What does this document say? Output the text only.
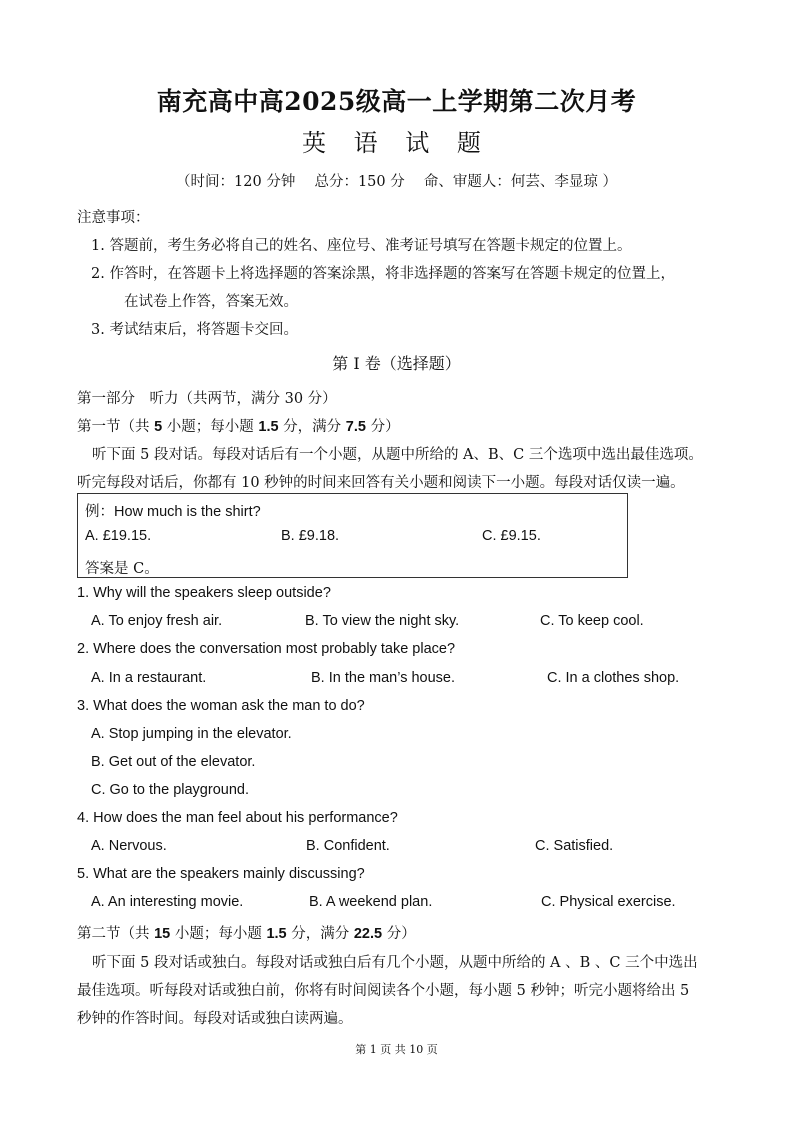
南充高中高2025级高一上学期第二次月考
英 语 试 题
（时间：120 分钟　 总分：150 分　 命、审题人：何芸、李显琼 ）
注意事项：
1. 答题前，考生务必将自己的姓名、座位号、准考证号填写在答题卡规定的位置上。
2. 作答时，在答题卡上将选择题的答案涂黑，将非选择题的答案写在答题卡规定的位置上，
在试卷上作答，答案无效。
3. 考试结束后，将答题卡交回。
第 I 卷（选择题）
第一部分　听力（共两节，满分 30 分）
第一节（共 5 小题；每小题 1.5 分，满分 7.5 分）
听下面 5 段对话。每段对话后有一个小题，从题中所给的 A、B、C 三个选项中选出最佳选项。
听完每段对话后，你都有 10 秒钟的时间来回答有关小题和阅读下一小题。每段对话仅读一遍。
例：How much is the shirt?
A. £19.15.	B. £9.18.	C. £9.15.
答案是 C。
1. Why will the speakers sleep outside?
A. To enjoy fresh air.	B. To view the night sky.	C. To keep cool.
2. Where does the conversation most probably take place?
A. In a restaurant.	B. In the man’s house.	C. In a clothes shop.
3. What does the woman ask the man to do?
A. Stop jumping in the elevator.
B. Get out of the elevator.
C. Go to the playground.
4. How does the man feel about his performance?
A. Nervous.	B. Confident.	C. Satisfied.
5. What are the speakers mainly discussing?
A. An interesting movie.	B. A weekend plan.	C. Physical exercise.
第二节（共 15 小题；每小题 1.5 分，满分 22.5 分）
听下面 5 段对话或独白。每段对话或独白后有几个小题，从题中所给的 A 、B 、C 三个中选出
最佳选项。听每段对话或独白前，你将有时间阅读各个小题，每小题 5 秒钟；听完小题将给出 5
秒钟的作答时间。每段对话或独白读两遍。
第 1 页 共 10 页
